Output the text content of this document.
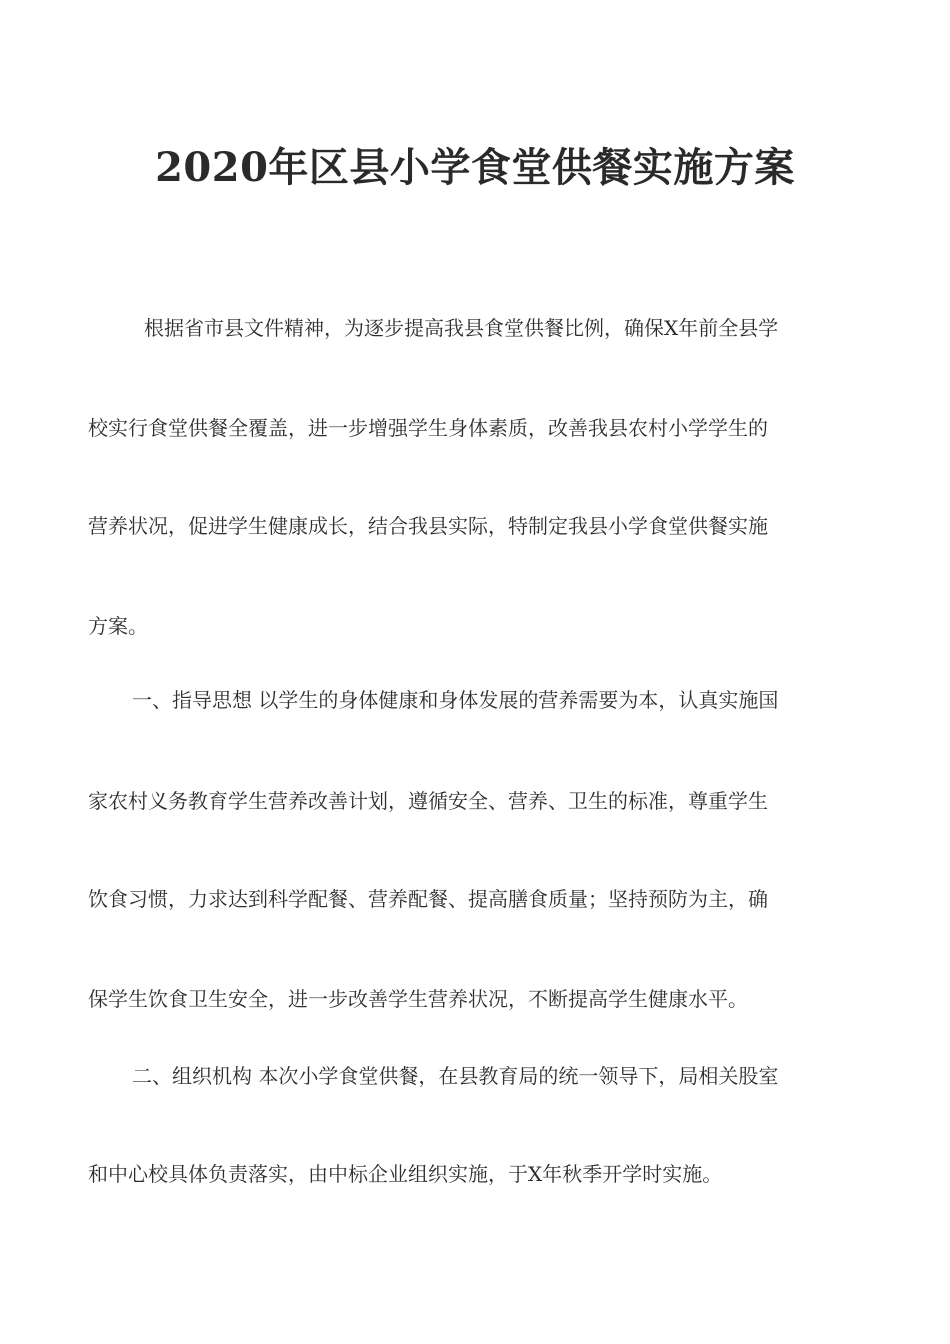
2020年区县小学食堂供餐实施方案
根据省市县文件精神，为逐步提高我县食堂供餐比例，确保X年前全县学
校实行食堂供餐全覆盖，进一步增强学生身体素质，改善我县农村小学学生的
营养状况，促进学生健康成长，结合我县实际，特制定我县小学食堂供餐实施
方案。
一、指导思想 以学生的身体健康和身体发展的营养需要为本，认真实施国
家农村义务教育学生营养改善计划，遵循安全、营养、卫生的标准，尊重学生
饮食习惯，力求达到科学配餐、营养配餐、提高膳食质量；坚持预防为主，确
保学生饮食卫生安全，进一步改善学生营养状况，不断提高学生健康水平。
二、组织机构 本次小学食堂供餐，在县教育局的统一领导下，局相关股室
和中心校具体负责落实，由中标企业组织实施，于X年秋季开学时实施。
